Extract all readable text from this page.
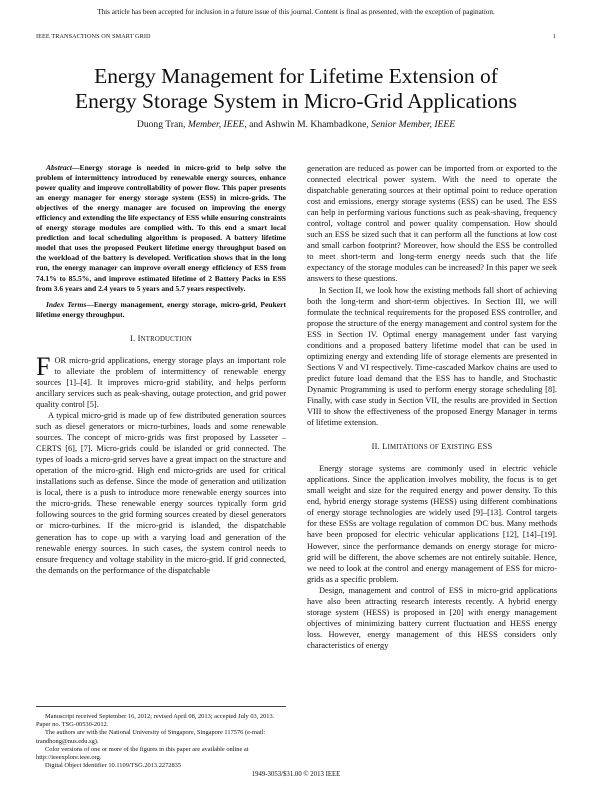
This article has been accepted for inclusion in a future issue of this journal. Content is final as presented, with the exception of pagination.
IEEE TRANSACTIONS ON SMART GRID	1
Energy Management for Lifetime Extension of
Energy Storage System in Micro-Grid Applications
Duong Tran, Member, IEEE, and Ashwin M. Khambadkone, Senior Member, IEEE

Abstract—Energy storage is needed in micro-grid to help solve the problem of intermittency introduced by renewable energy sources, enhance power quality and improve controllability of power flow. This paper presents an energy manager for energy storage system (ESS) in micro-grids. The objectives of the energy manager are focused on improving the energy efficiency and extending the life expectancy of ESS while ensuring constraints of energy storage modules are complied with. To this end a smart local prediction and local scheduling algorithm is proposed. A battery lifetime model that uses the proposed Peukert lifetime energy throughput based on the workload of the battery is developed. Verification shows that in the long run, the energy manager can improve overall energy efficiency of ESS from 74.1% to 85.5%, and improve estimated lifetime of 2 Battery Packs in ESS from 3.6 years and 2.4 years to 5 years and 5.7 years respectively.

Index Terms—Energy management, energy storage, micro-grid, Peukert lifetime energy throughput.

I. INTRODUCTION

FOR micro-grid applications, energy storage plays an important role to alleviate the problem of intermittency of renewable energy sources [1]–[4]. It improves micro-grid stability, and helps perform ancillary services such as peak-shaving, outage protection, and grid power quality control [5].

A typical micro-grid is made up of few distributed generation sources such as diesel generators or micro-turbines, loads and some renewable sources. The concept of micro-grids was first proposed by Lasseter – CERTS [6], [7]. Micro-grids could be islanded or grid connected. The types of loads a micro-grid serves have a great impact on the structure and operation of the micro-grid. High end micro-grids are used for critical installations such as defense. Since the mode of generation and utilization is local, there is a push to introduce more renewable energy sources into the micro-grids. These renewable energy sources typically form grid following sources to the grid forming sources created by diesel generators or micro-turbines. If the micro-grid is islanded, the dispatchable generation has to cope up with a varying load and generation of the renewable energy sources. In such cases, the system control needs to ensure frequency and voltage stability in the micro-grid. If grid connected, the demands on the performance of the dispatchable

generation are reduced as power can be imported from or exported to the connected electrical power system. With the need to operate the dispatchable generating sources at their optimal point to reduce operation cost and emissions, energy storage systems (ESS) can be used. The ESS can help in performing various functions such as peak-shaving, frequency control, voltage control and power quality compensation. How should such an ESS be sized such that it can perform all the functions at low cost and small carbon footprint? Moreover, how should the ESS be controlled to meet short-term and long-term energy needs such that the life expectancy of the storage modules can be increased? In this paper we seek answers to these questions.

In Section II, we look how the existing methods fall short of achieving both the long-term and short-term objectives. In Section III, we will formulate the technical requirements for the proposed ESS controller, and propose the structure of the energy management and control system for the ESS in Section IV. Optimal energy management under fast varying conditions and a proposed battery lifetime model that can be used in optimizing energy and extending life of storage elements are presented in Sections V and VI respectively. Time-cascaded Markov chains are used to predict future load demand that the ESS has to handle, and Stochastic Dynamic Programming is used to perform energy storage scheduling [8]. Finally, with case study in Section VII, the results are provided in Section VIII to show the effectiveness of the proposed Energy Manager in terms of lifetime extension.

II. LIMITATIONS OF EXISTING ESS

Energy storage systems are commonly used in electric vehicle applications. Since the application involves mobility, the focus is to get small weight and size for the required energy and power density. To this end, hybrid energy storage systems (HESS) using different combinations of energy storage technologies are widely used [9]–[13]. Control targets for these ESSs are voltage regulation of common DC bus. Many methods have been proposed for electric vehicular applications [12], [14]–[19]. However, since the performance demands on energy storage for micro-grid will be different, the above schemes are not entirely suitable. Hence, we need to look at the control and energy management of ESS for micro-grids as a specific problem.

Design, management and control of ESS in micro-grid applications have also been attracting research interests recently. A hybrid energy storage system (HESS) is proposed in [20] with energy management objectives of minimizing battery current fluctuation and HESS energy loss. However, energy management of this HESS considers only characteristics of energy

Manuscript received September 16, 2012; revised April 08, 2013; accepted July 03, 2013. Paper no. TSG-00530-2012.

The authors are with the National University of Singapore, Singapore 117576 (e-mail: trandhong@nus.edu.sg).

Color versions of one or more of the figures in this paper are available online at http://ieeexplore.ieee.org.

Digital Object Identifier 10.1109/TSG.2013.2272835

1949-3053/$31.00 © 2013 IEEE
